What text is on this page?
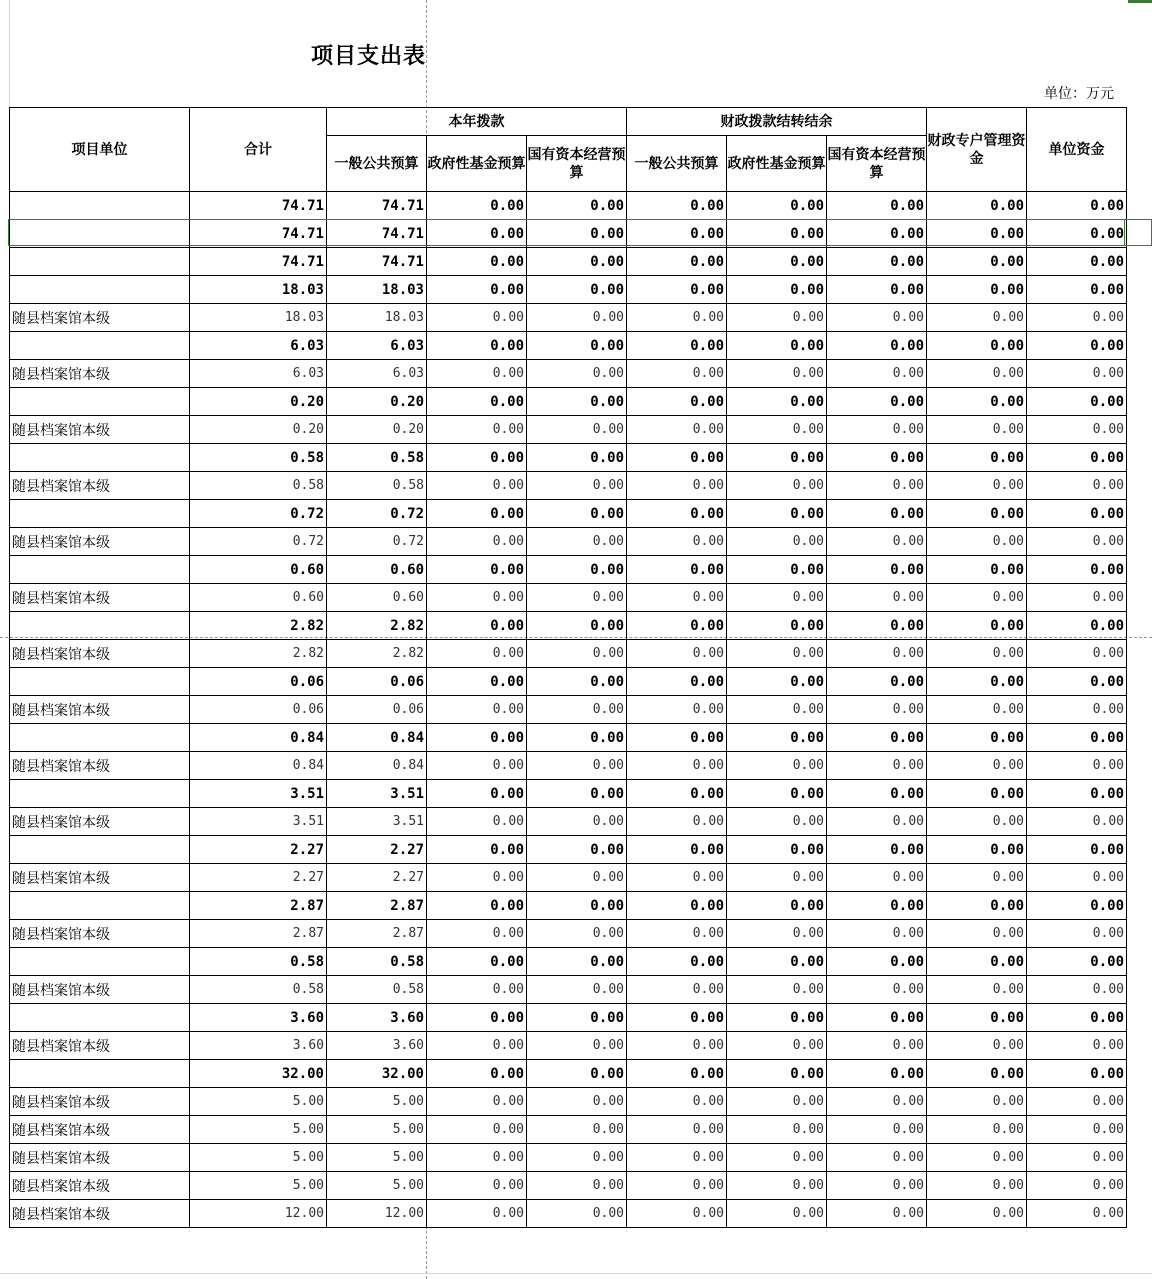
项目支出表
单位：万元
项目单位	合计	本年拨款			财政拨款结转结余			财政专户管理资金	单位资金
		一般公共预算	政府性基金预算	国有资本经营预算	一般公共预算	政府性基金预算	国有资本经营预算		
	74.71	74.71	0.00	0.00	0.00	0.00	0.00	0.00	0.00
	74.71	74.71	0.00	0.00	0.00	0.00	0.00	0.00	0.00
	74.71	74.71	0.00	0.00	0.00	0.00	0.00	0.00	0.00
	18.03	18.03	0.00	0.00	0.00	0.00	0.00	0.00	0.00
随县档案馆本级	18.03	18.03	0.00	0.00	0.00	0.00	0.00	0.00	0.00
	6.03	6.03	0.00	0.00	0.00	0.00	0.00	0.00	0.00
随县档案馆本级	6.03	6.03	0.00	0.00	0.00	0.00	0.00	0.00	0.00
	0.20	0.20	0.00	0.00	0.00	0.00	0.00	0.00	0.00
随县档案馆本级	0.20	0.20	0.00	0.00	0.00	0.00	0.00	0.00	0.00
	0.58	0.58	0.00	0.00	0.00	0.00	0.00	0.00	0.00
随县档案馆本级	0.58	0.58	0.00	0.00	0.00	0.00	0.00	0.00	0.00
	0.72	0.72	0.00	0.00	0.00	0.00	0.00	0.00	0.00
随县档案馆本级	0.72	0.72	0.00	0.00	0.00	0.00	0.00	0.00	0.00
	0.60	0.60	0.00	0.00	0.00	0.00	0.00	0.00	0.00
随县档案馆本级	0.60	0.60	0.00	0.00	0.00	0.00	0.00	0.00	0.00
	2.82	2.82	0.00	0.00	0.00	0.00	0.00	0.00	0.00
随县档案馆本级	2.82	2.82	0.00	0.00	0.00	0.00	0.00	0.00	0.00
	0.06	0.06	0.00	0.00	0.00	0.00	0.00	0.00	0.00
随县档案馆本级	0.06	0.06	0.00	0.00	0.00	0.00	0.00	0.00	0.00
	0.84	0.84	0.00	0.00	0.00	0.00	0.00	0.00	0.00
随县档案馆本级	0.84	0.84	0.00	0.00	0.00	0.00	0.00	0.00	0.00
	3.51	3.51	0.00	0.00	0.00	0.00	0.00	0.00	0.00
随县档案馆本级	3.51	3.51	0.00	0.00	0.00	0.00	0.00	0.00	0.00
	2.27	2.27	0.00	0.00	0.00	0.00	0.00	0.00	0.00
随县档案馆本级	2.27	2.27	0.00	0.00	0.00	0.00	0.00	0.00	0.00
	2.87	2.87	0.00	0.00	0.00	0.00	0.00	0.00	0.00
随县档案馆本级	2.87	2.87	0.00	0.00	0.00	0.00	0.00	0.00	0.00
	0.58	0.58	0.00	0.00	0.00	0.00	0.00	0.00	0.00
随县档案馆本级	0.58	0.58	0.00	0.00	0.00	0.00	0.00	0.00	0.00
	3.60	3.60	0.00	0.00	0.00	0.00	0.00	0.00	0.00
随县档案馆本级	3.60	3.60	0.00	0.00	0.00	0.00	0.00	0.00	0.00
	32.00	32.00	0.00	0.00	0.00	0.00	0.00	0.00	0.00
随县档案馆本级	5.00	5.00	0.00	0.00	0.00	0.00	0.00	0.00	0.00
随县档案馆本级	5.00	5.00	0.00	0.00	0.00	0.00	0.00	0.00	0.00
随县档案馆本级	5.00	5.00	0.00	0.00	0.00	0.00	0.00	0.00	0.00
随县档案馆本级	5.00	5.00	0.00	0.00	0.00	0.00	0.00	0.00	0.00
随县档案馆本级	12.00	12.00	0.00	0.00	0.00	0.00	0.00	0.00	0.00
